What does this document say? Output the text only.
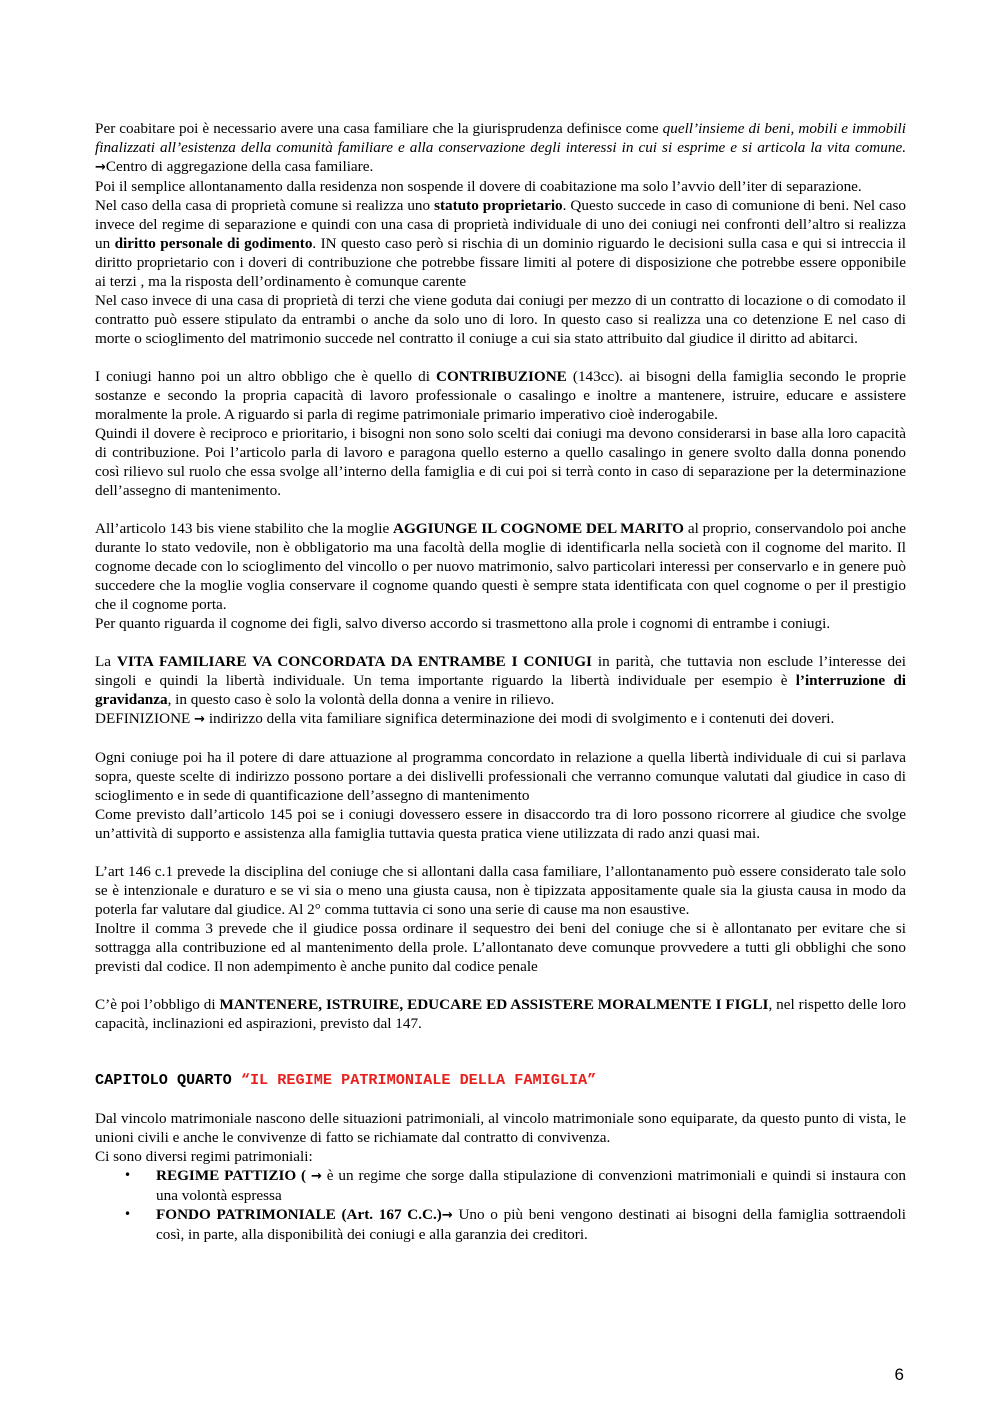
Per coabitare poi è necessario avere una casa familiare che la giurisprudenza definisce come quell’insieme di beni, mobili e immobili finalizzati all’esistenza della comunità familiare e alla conservazione degli interessi in cui si esprime e si articola la vita comune. →Centro di aggregazione della casa familiare.

Poi il semplice allontanamento dalla residenza non sospende il dovere di coabitazione ma solo l’avvio dell’iter di separazione.

Nel caso della casa di proprietà comune si realizza uno statuto proprietario. Questo succede in caso di comunione di beni. Nel caso invece del regime di separazione e quindi con una casa di proprietà individuale di uno dei coniugi nei confronti dell’altro si realizza un diritto personale di godimento. IN questo caso però si rischia di un dominio riguardo le decisioni sulla casa e qui si intreccia il diritto proprietario con i doveri di contribuzione che potrebbe fissare limiti al potere di disposizione che potrebbe essere opponibile ai terzi , ma la risposta dell’ordinamento è comunque carente

Nel caso invece di una casa di proprietà di terzi che viene goduta dai coniugi per mezzo di un contratto di locazione o di comodato il contratto può essere stipulato da entrambi o anche da solo uno di loro. In questo caso si realizza una co detenzione E nel caso di morte o scioglimento del matrimonio succede nel contratto il coniuge a cui sia stato attribuito dal giudice il diritto ad abitarci.

I coniugi hanno poi un altro obbligo che è quello di CONTRIBUZIONE (143cc). ai bisogni della famiglia secondo le proprie sostanze e secondo la propria capacità di lavoro professionale o casalingo e inoltre a mantenere, istruire, educare e assistere moralmente la prole. A riguardo si parla di regime patrimoniale primario imperativo cioè inderogabile.

Quindi il dovere è reciproco e prioritario, i bisogni non sono solo scelti dai coniugi ma devono considerarsi in base alla loro capacità di contribuzione. Poi l’articolo parla di lavoro e paragona quello esterno a quello casalingo in genere svolto dalla donna ponendo così rilievo sul ruolo che essa svolge all’interno della famiglia e di cui poi si terrà conto in caso di separazione per la determinazione dell’assegno di mantenimento.

All’articolo 143 bis viene stabilito che la moglie AGGIUNGE IL COGNOME DEL MARITO al proprio, conservandolo poi anche durante lo stato vedovile, non è obbligatorio ma una facoltà della moglie di identificarla nella società con il cognome del marito. Il cognome decade con lo scioglimento del vincollo o per nuovo matrimonio, salvo particolari interessi per conservarlo e in genere può succedere che la moglie voglia conservare il cognome quando questi è sempre stata identificata con quel cognome o per il prestigio che il cognome porta.

Per quanto riguarda il cognome dei figli, salvo diverso accordo si trasmettono alla prole i cognomi di entrambe i coniugi.

La VITA FAMILIARE VA CONCORDATA DA ENTRAMBE I CONIUGI in parità, che tuttavia non esclude l’interesse dei singoli e quindi la libertà individuale. Un tema importante riguardo la libertà individuale per esempio è l’interruzione di gravidanza, in questo caso è solo la volontà della donna a venire in rilievo.

DEFINIZIONE → indirizzo della vita familiare significa determinazione dei modi di svolgimento e i contenuti dei doveri.

Ogni coniuge poi ha il potere di dare attuazione al programma concordato in relazione a quella libertà individuale di cui si parlava sopra, queste scelte di indirizzo possono portare a dei dislivelli professionali che verranno comunque valutati dal giudice in caso di scioglimento e in sede di quantificazione dell’assegno di mantenimento

Come previsto dall’articolo 145 poi se i coniugi dovessero essere in disaccordo tra di loro possono ricorrere al giudice che svolge un’attività di supporto e assistenza alla famiglia tuttavia questa pratica viene utilizzata di rado anzi quasi mai.

L’art 146 c.1 prevede la disciplina del coniuge che si allontani dalla casa familiare, l’allontanamento può essere considerato tale solo se è intenzionale e duraturo e se vi sia o meno una giusta causa, non è tipizzata appositamente quale sia la giusta causa in modo da poterla far valutare dal giudice. Al 2° comma tuttavia ci sono una serie di cause ma non esaustive.

Inoltre il comma 3 prevede che il giudice possa ordinare il sequestro dei beni del coniuge che si è allontanato per evitare che si sottragga alla contribuzione ed al mantenimento della prole. L’allontanato deve comunque provvedere a tutti gli obblighi che sono previsti dal codice. Il non adempimento è anche punito dal codice penale

C’è poi l’obbligo di MANTENERE, ISTRUIRE, EDUCARE ED ASSISTERE MORALMENTE I FIGLI, nel rispetto delle loro capacità, inclinazioni ed aspirazioni, previsto dal 147.

CAPITOLO QUARTO “IL REGIME PATRIMONIALE DELLA FAMIGLIA”

Dal vincolo matrimoniale nascono delle situazioni patrimoniali, al vincolo matrimoniale sono equiparate, da questo punto di vista, le unioni civili e anche le convivenze di fatto se richiamate dal contratto di convivenza.

Ci sono diversi regimi patrimoniali:

• REGIME PATTIZIO ( → è un regime che sorge dalla stipulazione di convenzioni matrimoniali e quindi si instaura con una volontà espressa
• FONDO PATRIMONIALE (Art. 167 C.C.)→ Uno o più beni vengono destinati ai bisogni della famiglia sottraendoli così, in parte, alla disponibilità dei coniugi e alla garanzia dei creditori.
6
